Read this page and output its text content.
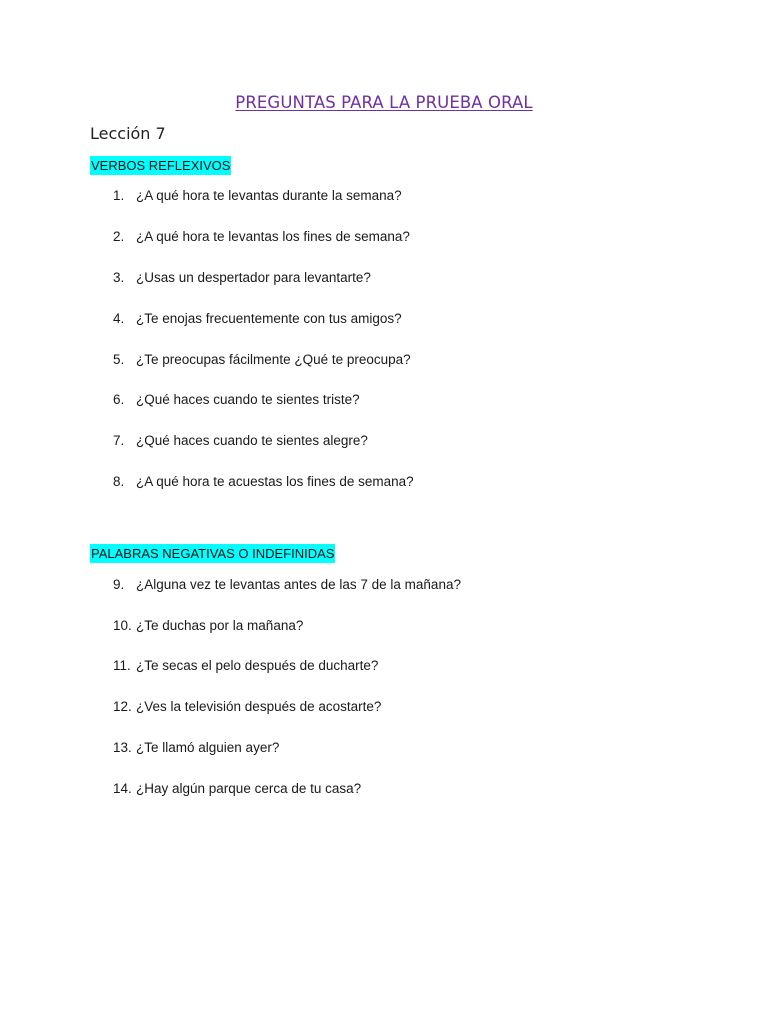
PREGUNTAS PARA LA PRUEBA ORAL
Lección 7
VERBOS REFLEXIVOS
1. ¿A qué hora te levantas durante la semana?
2. ¿A qué hora te levantas los fines de semana?
3. ¿Usas un despertador para levantarte?
4. ¿Te enojas frecuentemente con tus amigos?
5. ¿Te preocupas fácilmente ¿Qué te preocupa?
6. ¿Qué haces cuando te sientes triste?
7. ¿Qué haces cuando te sientes alegre?
8. ¿A qué hora te acuestas los fines de semana?
PALABRAS NEGATIVAS O INDEFINIDAS
9. ¿Alguna vez te levantas antes de las 7 de la mañana?
10. ¿Te duchas por la mañana?
11. ¿Te secas el pelo después de ducharte?
12. ¿Ves la televisión después de acostarte?
13. ¿Te llamó alguien ayer?
14. ¿Hay algún parque cerca de tu casa?
